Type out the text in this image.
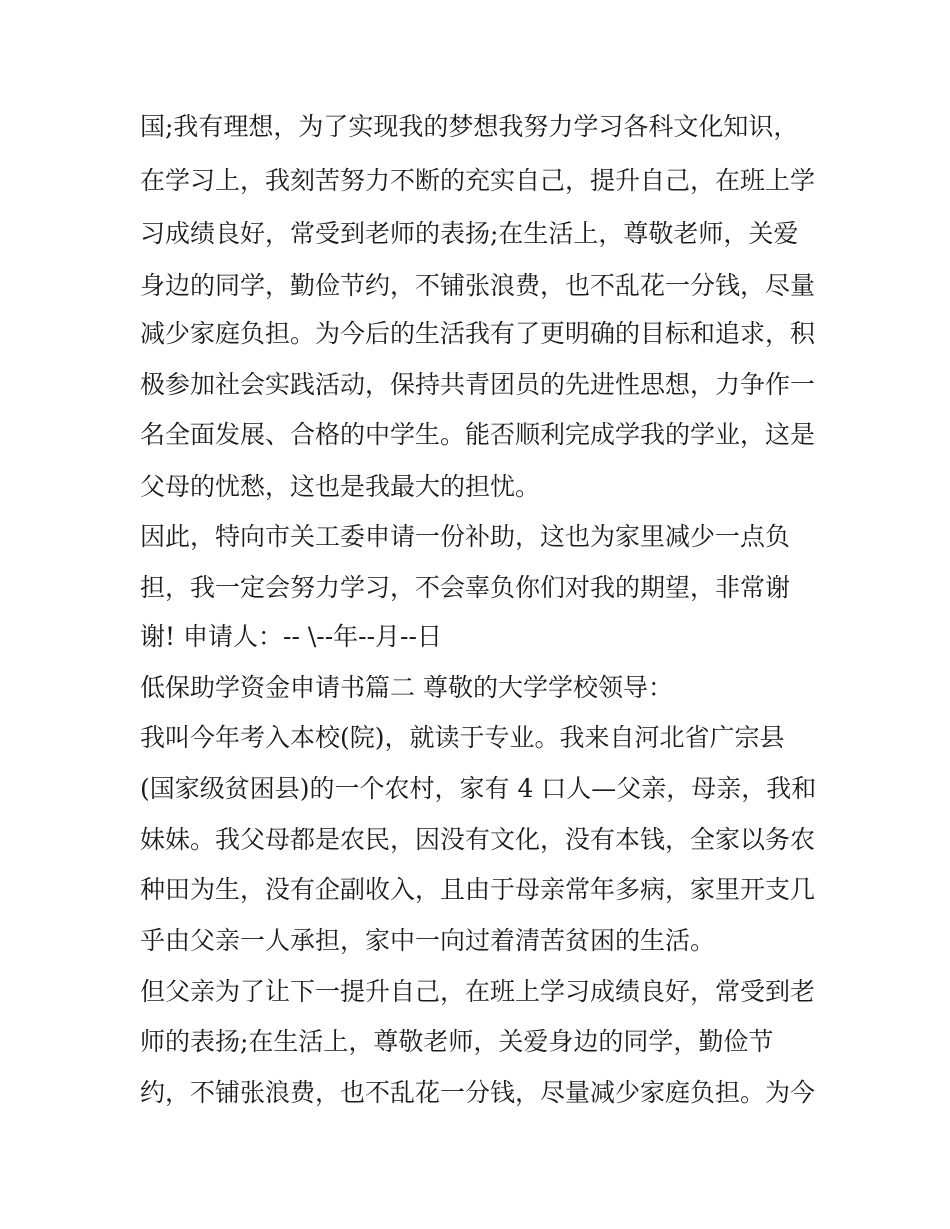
国;我有理想，为了实现我的梦想我努力学习各科文化知识，
在学习上，我刻苦努力不断的充实自己，提升自己，在班上学
习成绩良好，常受到老师的表扬;在生活上，尊敬老师，关爱
身边的同学，勤俭节约，不铺张浪费，也不乱花一分钱，尽量
减少家庭负担。为今后的生活我有了更明确的目标和追求，积
极参加社会实践活动，保持共青团员的先进性思想，力争作一
名全面发展、合格的中学生。能否顺利完成学我的学业，这是
父母的忧愁，这也是我最大的担忧。
因此，特向市关工委申请一份补助，这也为家里减少一点负
担，我一定会努力学习，不会辜负你们对我的期望，非常谢
谢! 申请人：-- \--年--月--日
低保助学资金申请书篇二 尊敬的大学学校领导：
我叫今年考入本校(院)，就读于专业。我来自河北省广宗县
(国家级贫困县)的一个农村，家有 4 口人—父亲，母亲，我和
妹妹。我父母都是农民，因没有文化，没有本钱，全家以务农
种田为生，没有企副收入，且由于母亲常年多病，家里开支几
乎由父亲一人承担，家中一向过着清苦贫困的生活。
但父亲为了让下一提升自己，在班上学习成绩良好，常受到老
师的表扬;在生活上，尊敬老师，关爱身边的同学，勤俭节
约，不铺张浪费，也不乱花一分钱，尽量减少家庭负担。为今
